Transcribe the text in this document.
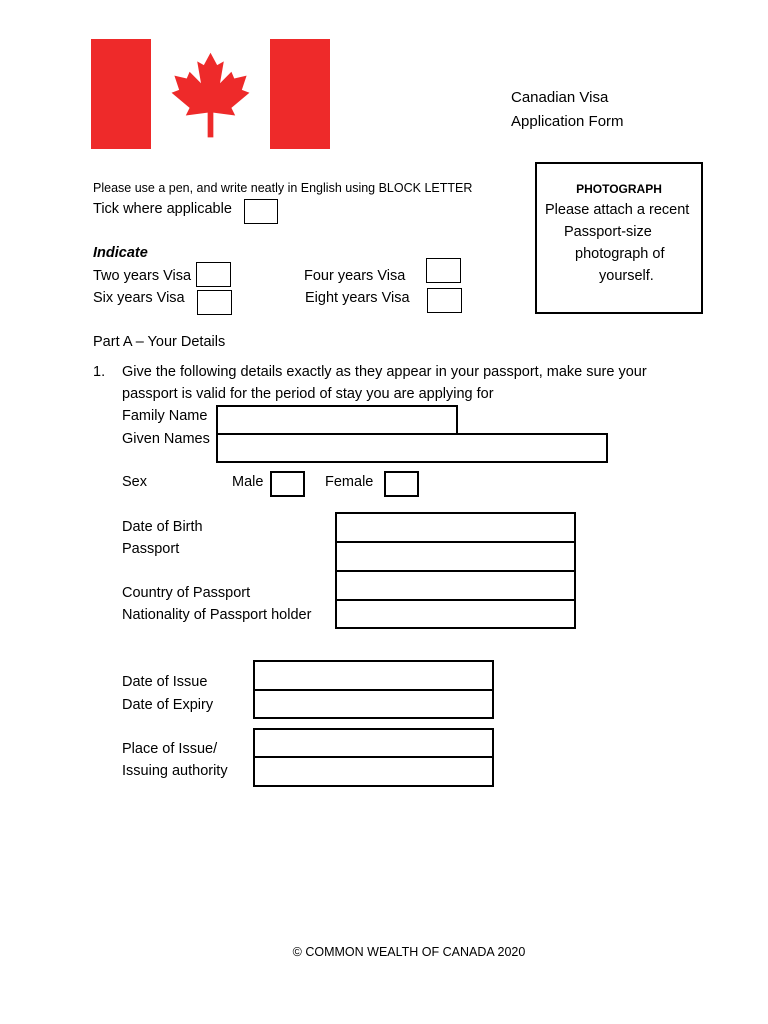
Canadian Visa
Application Form
Please use a pen, and write neatly in English using BLOCK LETTER
Tick where applicable
PHOTOGRAPH
Please attach a recent
Passport-size
photograph of
yourself.
Indicate
Two years Visa	Four years Visa
Six years Visa	Eight years Visa
Part A – Your Details
1. Give the following details exactly as they appear in your passport, make sure your
passport is valid for the period of stay you are applying for
Family Name
Given Names
Sex	Male	Female
Date of Birth
Passport
Country of Passport
Nationality of Passport holder
Date of Issue
Date of Expiry
Place of Issue/
Issuing authority
© COMMON WEALTH OF CANADA 2020
